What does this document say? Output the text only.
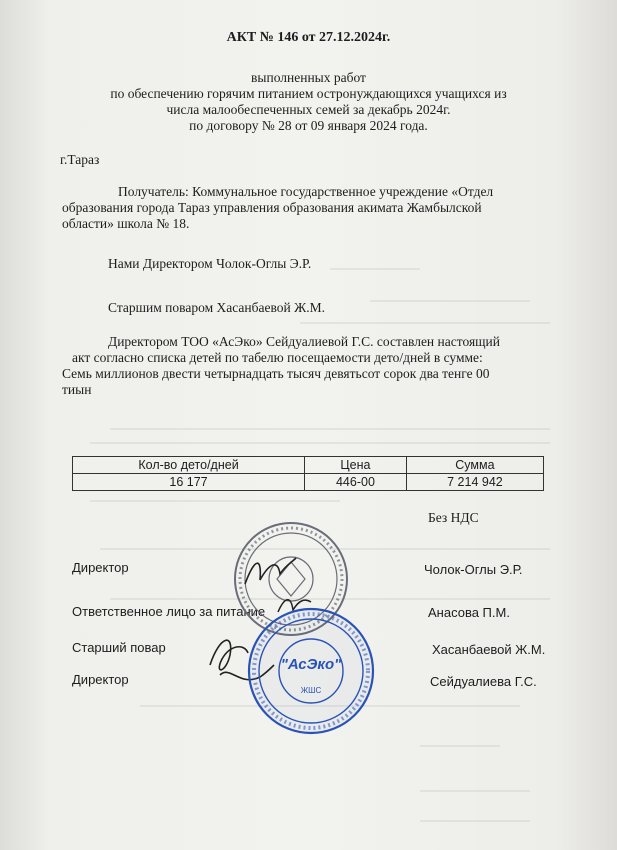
АКТ № 146 от 27.12.2024г.
выполненных работ
по обеспечению горячим питанием остронуждающихся учащихся из
числа малообеспеченных семей за декабрь 2024г.
по договору № 28 от 09 января 2024 года.
г.Тараз
Получатель: Коммунальное государственное учреждение «Отдел
образования города Тараз управления образования акимата Жамбылской
области» школа № 18.
Нами Директором Чолок-Оглы Э.Р.
Старшим поваром Хасанбаевой Ж.М.
Директором ТОО «АсЭко» Сейдуалиевой Г.С. составлен настоящий
акт согласно списка детей по табелю посещаемости дето/дней в сумме:
Семь миллионов двести четырнадцать тысяч девятьсот сорок два тенге 00
тиын
Кол-во дето/дней	Цена	Сумма
16 177	446-00	7 214 942
Без НДС
Директор	Чолок-Оглы Э.Р.
Ответственное лицо за питание	Анасова П.М.
Старший повар	Хасанбаевой Ж.М.
Директор	Сейдуалиева Г.С.
"АсЭко"
ЖШС
